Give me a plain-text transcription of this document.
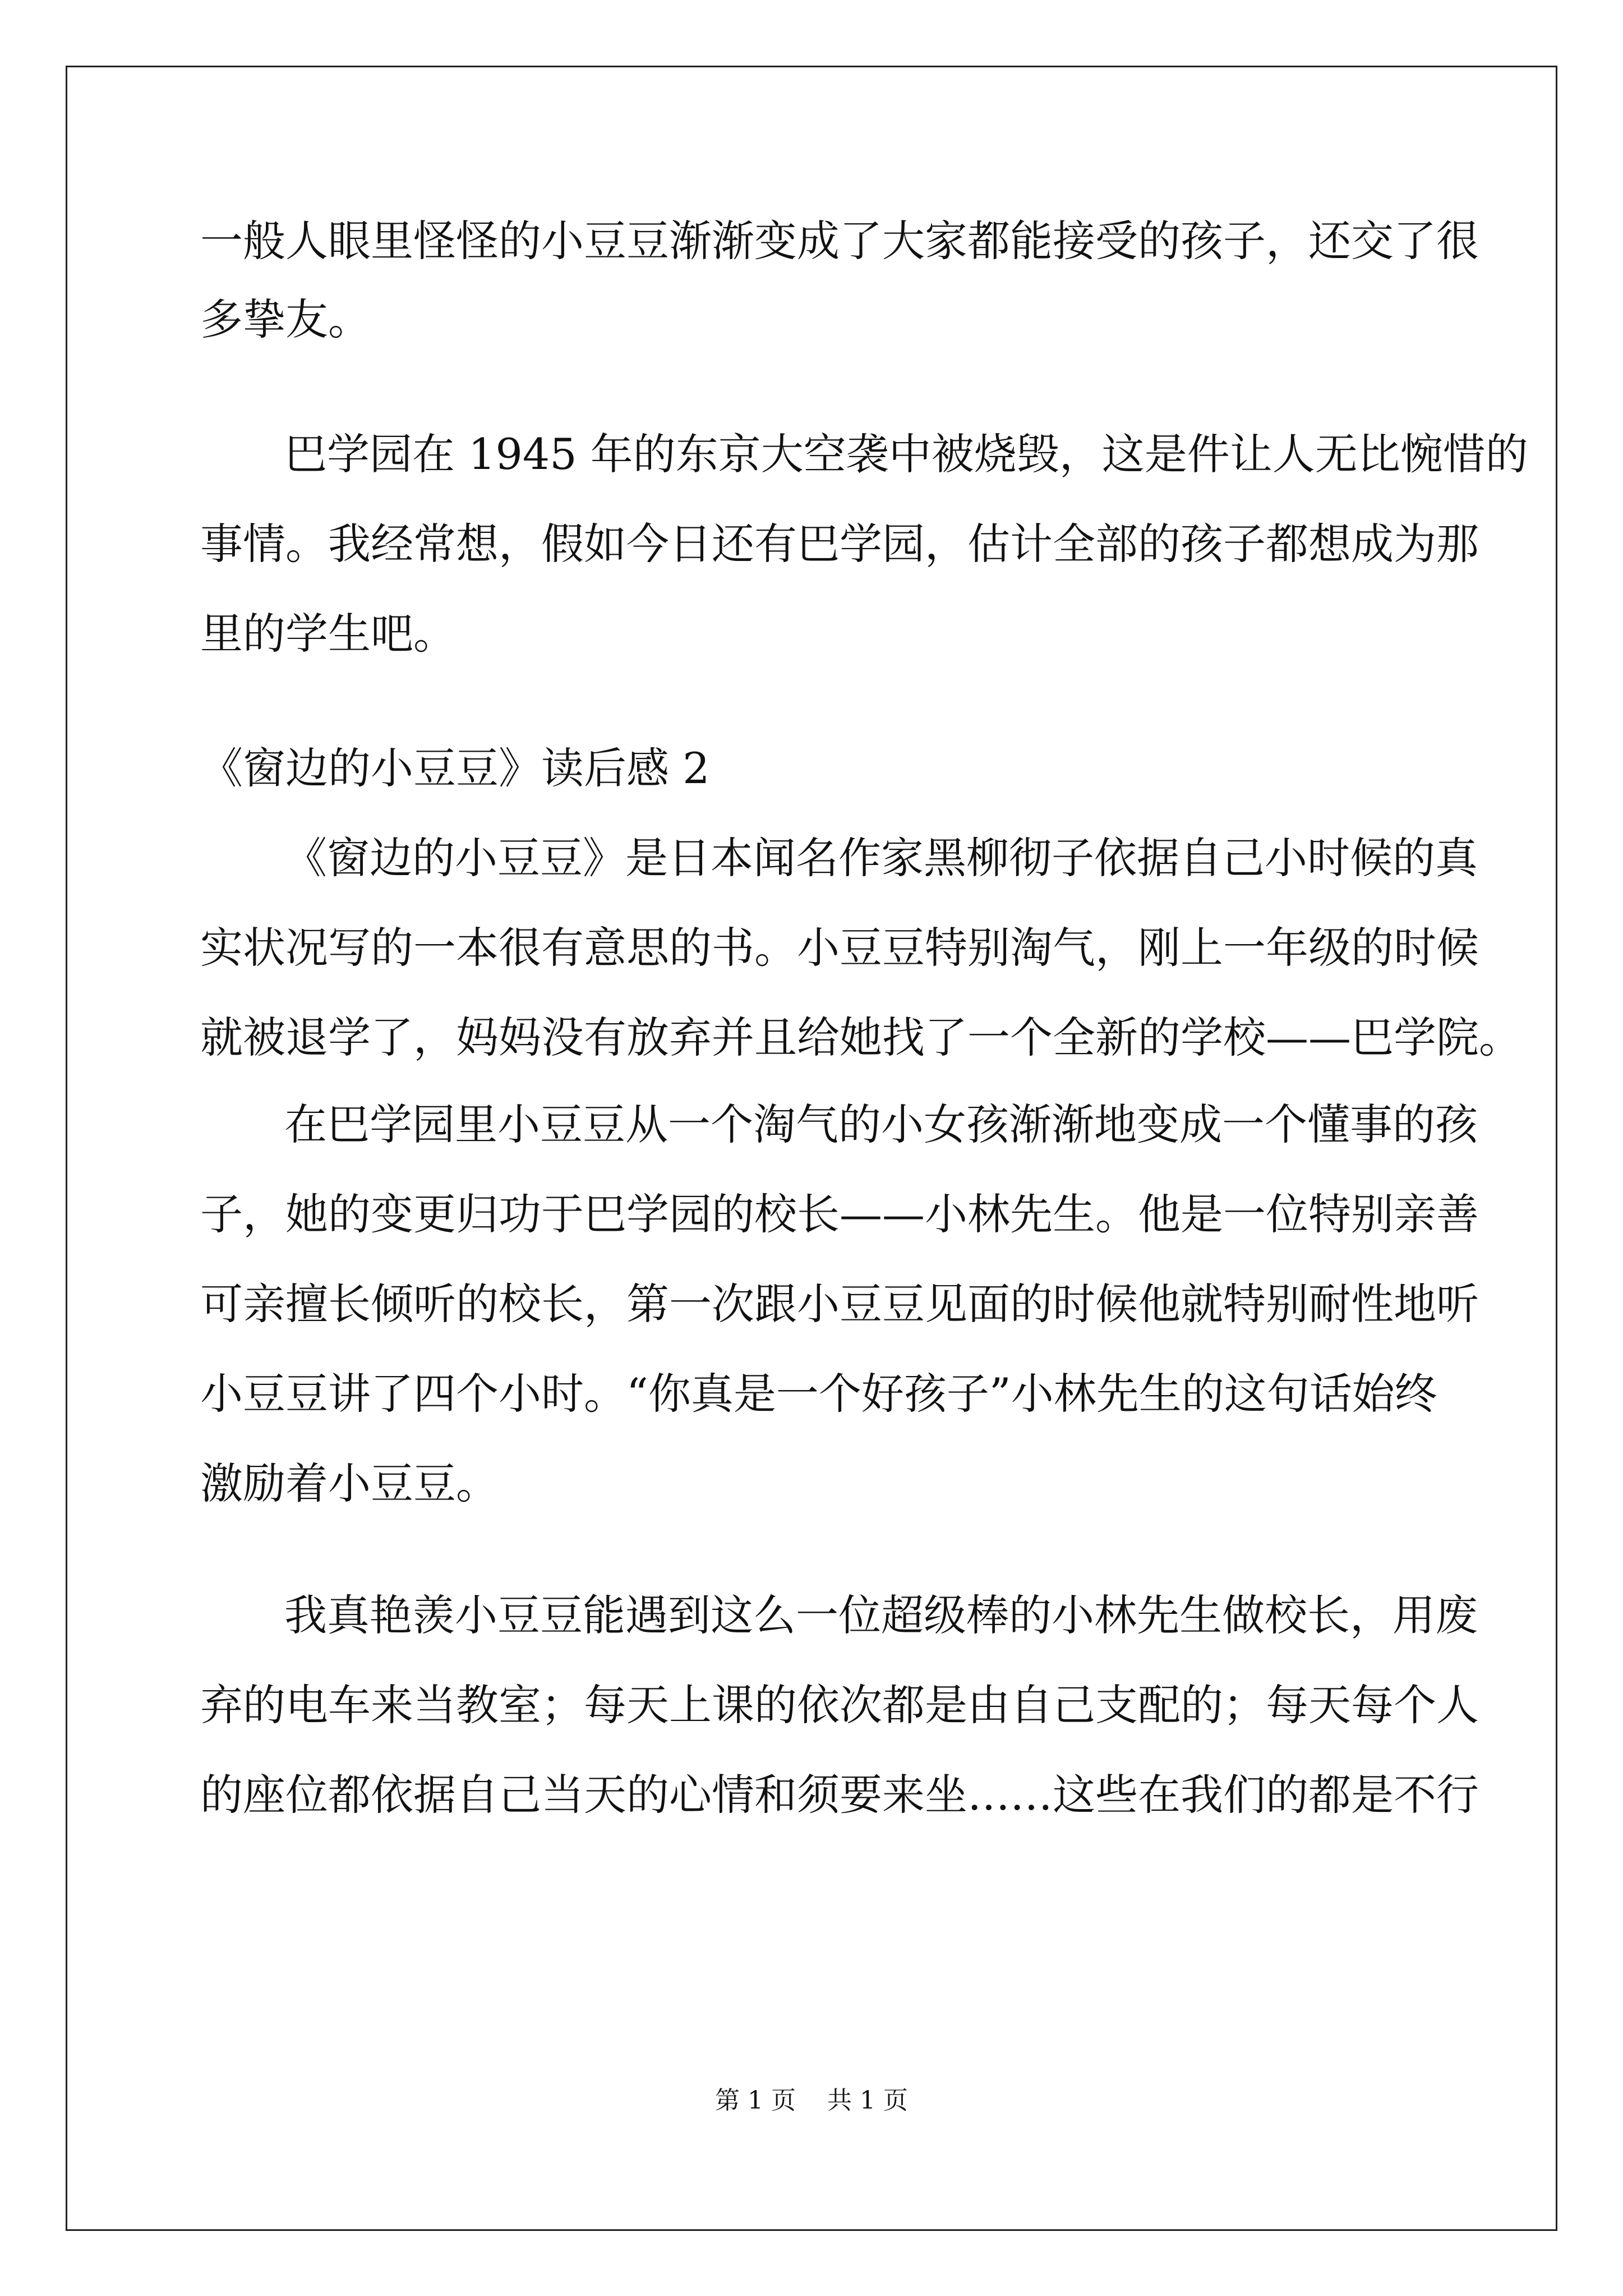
一般人眼里怪怪的小豆豆渐渐变成了大家都能接受的孩子，还交了很
多挚友。
巴学园在 1945 年的东京大空袭中被烧毁，这是件让人无比惋惜的
事情。我经常想，假如今日还有巴学园，估计全部的孩子都想成为那
里的学生吧。
《窗边的小豆豆》读后感 2
《窗边的小豆豆》是日本闻名作家黑柳彻子依据自己小时候的真
实状况写的一本很有意思的书。小豆豆特别淘气，刚上一年级的时候
就被退学了，妈妈没有放弃并且给她找了一个全新的学校——巴学院。
在巴学园里小豆豆从一个淘气的小女孩渐渐地变成一个懂事的孩
子，她的变更归功于巴学园的校长——小林先生。他是一位特别亲善
可亲擅长倾听的校长，第一次跟小豆豆见面的时候他就特别耐性地听
小豆豆讲了四个小时。“你真是一个好孩子”小林先生的这句话始终
激励着小豆豆。
我真艳羡小豆豆能遇到这么一位超级棒的小林先生做校长，用废
弃的电车来当教室；每天上课的依次都是由自己支配的；每天每个人
的座位都依据自己当天的心情和须要来坐……这些在我们的都是不行
第 1 页    共 1 页
